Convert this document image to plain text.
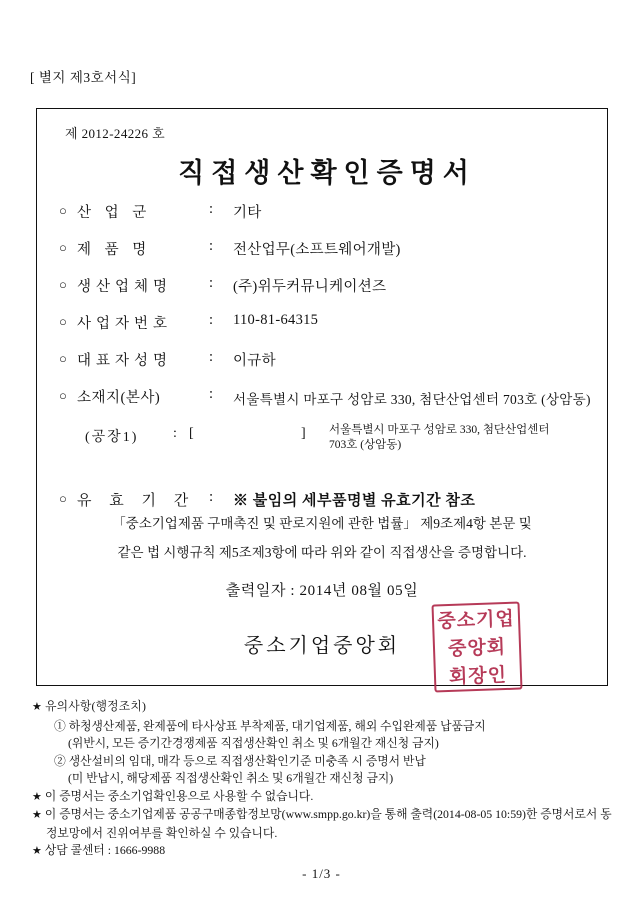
[ 별지 제3호서식]
제 2012-24226 호
직접생산확인증명서
○ 산 업 군	: 기타
○ 제 품 명	: 전산업무(소프트웨어개발)
○ 생산업체명	: (주)위두커뮤니케이션즈
○ 사업자번호	: 110-81-64315
○ 대표자성명	: 이규하
○ 소재지(본사)	: 서울특별시 마포구 성암로 330, 첨단산업센터 703호 (상암동)
(공장1) : [	] 서울특별시 마포구 성암로 330, 첨단산업센터 703호 (상암동)
○ 유 효 기 간 : ※ 불임의 세부품명별 유효기간 참조
「중소기업제품 구매촉진 및 판로지원에 관한 법률」 제9조제4항 본문 및
같은 법 시행규칙 제5조제3항에 따라 위와 같이 직접생산을 증명합니다.
출력일자 : 2014년 08월 05일
중소기업중앙회
중소기업
중앙회
회장인
★ 유의사항(행정조치)
① 하청생산제품, 완제품에 타사상표 부착제품, 대기업제품, 해외 수입완제품 납품금지
(위반시, 모든 증기간경쟁제품 직접생산확인 취소 및 6개월간 재신청 금지)
② 생산설비의 임대, 매각 등으로 직접생산확인기준 미충족 시 증명서 반납
(미 반납시, 해당제품 직접생산확인 취소 및 6개월간 재신청 금지)
★ 이 증명서는 중소기업확인용으로 사용할 수 없습니다.
★ 이 증명서는 중소기업제품 공공구매종합정보망(www.smpp.go.kr)을 통해 출력(2014-08-05 10:59)한 증명서로서 동 정보망에서 진위여부를 확인하실 수 있습니다.
★ 상담 콜센터 : 1666-9988
- 1/3 -
